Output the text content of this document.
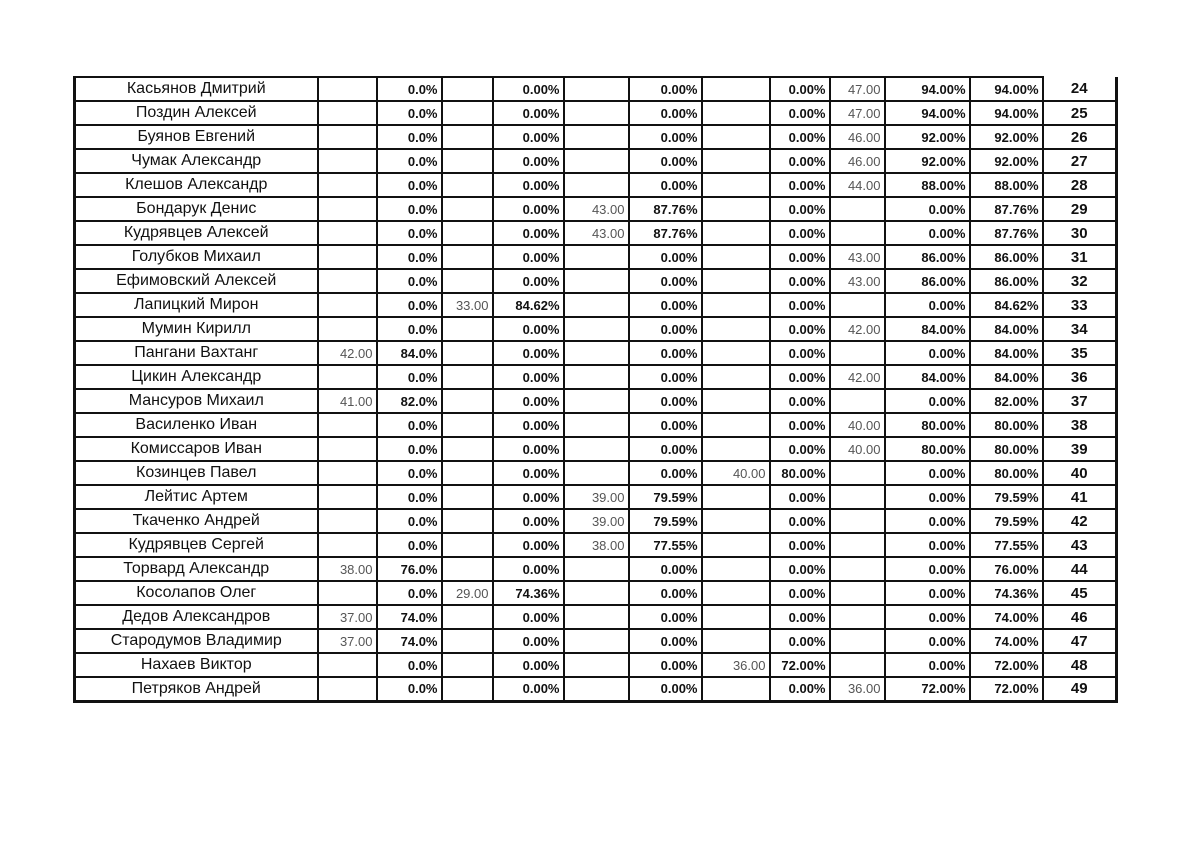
Касьянов Дмитрий		0.0%		0.00%		0.00%		0.00%	47.00	94.00%	94.00%	24
Поздин Алексей		0.0%		0.00%		0.00%		0.00%	47.00	94.00%	94.00%	25
Буянов Евгений		0.0%		0.00%		0.00%		0.00%	46.00	92.00%	92.00%	26
Чумак Александр		0.0%		0.00%		0.00%		0.00%	46.00	92.00%	92.00%	27
Клешов Александр		0.0%		0.00%		0.00%		0.00%	44.00	88.00%	88.00%	28
Бондарук Денис		0.0%		0.00%	43.00	87.76%		0.00%		0.00%	87.76%	29
Кудрявцев Алексей		0.0%		0.00%	43.00	87.76%		0.00%		0.00%	87.76%	30
Голубков Михаил		0.0%		0.00%		0.00%		0.00%	43.00	86.00%	86.00%	31
Ефимовский Алексей		0.0%		0.00%		0.00%		0.00%	43.00	86.00%	86.00%	32
Лапицкий Мирон		0.0%	33.00	84.62%		0.00%		0.00%		0.00%	84.62%	33
Мумин Кирилл		0.0%		0.00%		0.00%		0.00%	42.00	84.00%	84.00%	34
Пангани Вахтанг	42.00	84.0%		0.00%		0.00%		0.00%		0.00%	84.00%	35
Цикин Александр		0.0%		0.00%		0.00%		0.00%	42.00	84.00%	84.00%	36
Мансуров Михаил	41.00	82.0%		0.00%		0.00%		0.00%		0.00%	82.00%	37
Василенко Иван		0.0%		0.00%		0.00%		0.00%	40.00	80.00%	80.00%	38
Комиссаров Иван		0.0%		0.00%		0.00%		0.00%	40.00	80.00%	80.00%	39
Козинцев Павел		0.0%		0.00%		0.00%	40.00	80.00%		0.00%	80.00%	40
Лейтис Артем		0.0%		0.00%	39.00	79.59%		0.00%		0.00%	79.59%	41
Ткаченко Андрей		0.0%		0.00%	39.00	79.59%		0.00%		0.00%	79.59%	42
Кудрявцев Сергей		0.0%		0.00%	38.00	77.55%		0.00%		0.00%	77.55%	43
Торвард Александр	38.00	76.0%		0.00%		0.00%		0.00%		0.00%	76.00%	44
Косолапов Олег		0.0%	29.00	74.36%		0.00%		0.00%		0.00%	74.36%	45
Дедов Александров	37.00	74.0%		0.00%		0.00%		0.00%		0.00%	74.00%	46
Стародумов Владимир	37.00	74.0%		0.00%		0.00%		0.00%		0.00%	74.00%	47
Нахаев Виктор		0.0%		0.00%		0.00%	36.00	72.00%		0.00%	72.00%	48
Петряков Андрей		0.0%		0.00%		0.00%		0.00%	36.00	72.00%	72.00%	49
